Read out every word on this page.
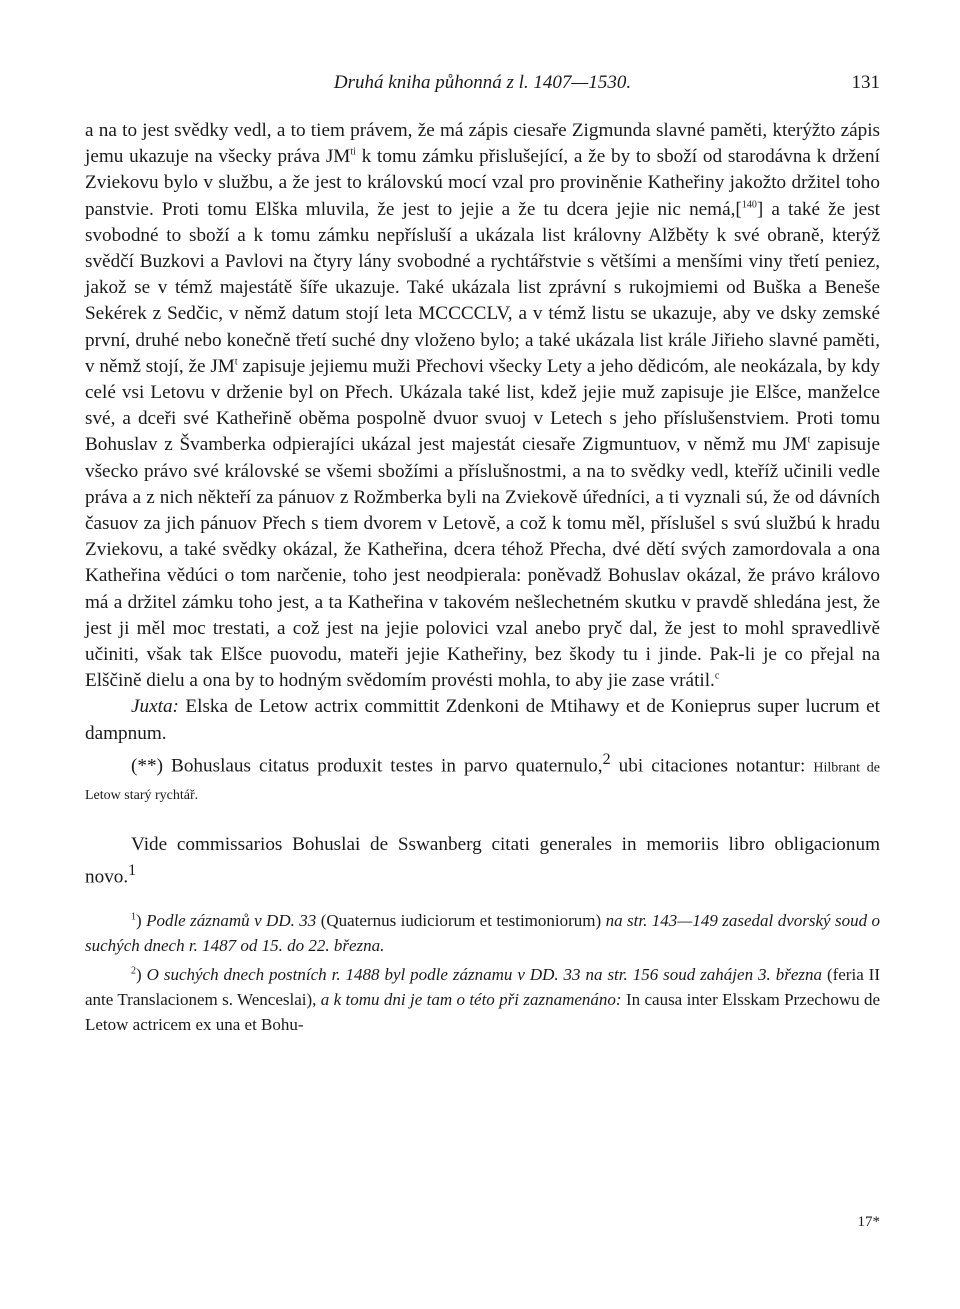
Druhá kniha půhonná z l. 1407—1530.	131

a na to jest svědky vedl, a to tiem právem, že má zápis ciesaře Zigmunda slavné paměti, kterýžto zápis jemu ukazuje na všecky práva $JM^{ti}$ k tomu zámku přislušející, a že by to sboží od starodávna k držení Zviekovu bylo v službu, a že jest to královskú mocí vzal pro proviněnie Katheřiny jakožto držitel toho panstvie. Proti tomu Elška mluvila, že jest to jejie a že tu dcera jejie nic nemá,[$^{140}$] a také že jest svobodné to sboží a k tomu zámku nepřísluší a ukázala list královny Alžběty k své obraně, kterýž svědčí Buzkovi a Pavlovi na čtyry lány svobodné a rychtářstvie s většími a menšími viny třetí peniez, jakož se v témž majestátě šíře ukazuje. Také ukázala list zprávní s rukojmiemi od Buška a Beneše Sekérek z Sedčic, v němž datum stojí leta MCCCCLV, a v témž listu se ukazuje, aby ve dsky zemské první, druhé nebo konečně třetí suché dny vloženo bylo; a také ukázala list krále Jiřieho slavné paměti, v němž stojí, že $JM^t$ zapisuje jejiemu muži Přechovi všecky Lety a jeho dědicóm, ale neokázala, by kdy celé vsi Letovu v drženie byl on Přech. Ukázala také list, kdež jejie muž zapisuje jie Elšce, manželce své, a dceři své Katheřině oběma pospolně dvuor svuoj v Letech s jeho příslušenstviem. Proti tomu Bohuslav z Švamberka odpierajíci ukázal jest majestát ciesaře Zigmuntuov, v němž mu $JM^t$ zapisuje všecko právo své královské se všemi sbožími a příslušnostmi, a na to svědky vedl, kteříž učinili vedle práva a z nich někteří za pánuov z Rožmberka byli na Zviekově úředníci, a ti vyznali sú, že od dávních časuov za jich pánuov Přech s tiem dvorem v Letově, a což k tomu měl, příslušel s svú službú k hradu Zviekovu, a také svědky okázal, že Katheřina, dcera téhož Přecha, dvé dětí svých zamordovala a ona Katheřina vědúci o tom narčenie, toho jest neodpierala: poněvadž Bohuslav okázal, že právo královo má a držitel zámku toho jest, a ta Katheřina v takovém nešlechetném skutku v pravdě shledána jest, že jest ji měl moc trestati, a což jest na jejie polovici vzal anebo pryč dal, že jest to mohl spravedlivě učiniti, však tak Elšce puovodu, mateři jejie Katheřiny, bez škody tu i jinde. Pak-li je co přejal na Elščině dielu a ona by to hodným svědomím provésti mohla, to aby jie zase vrátil.$^c$

Juxta: Elska de Letow actrix committit Zdenkoni de Mtihawy et de Konieprus super lucrum et dampnum.

(**) Bohuslaus citatus produxit testes in parvo quaternulo,$^2$ ubi citaciones notantur: Hilbrant de Letow starý rychtář.

Vide commissarios Bohuslai de Sswanberg citati generales in memoriis libro obligacionum novo.$^1$

$^1$) Podle záznamů v DD. 33 (Quaternus iudiciorum et testimoniorum) na str. 143—149 zasedal dvorský soud o suchých dnech r. 1487 od 15. do 22. března.

$^2$) O suchých dnech postních r. 1488 byl podle záznamu v DD. 33 na str. 156 soud zahájen 3. března (feria II ante Translacionem s. Wenceslai), a k tomu dni je tam o této při zaznamenáno: In causa inter Elsskam Przechowu de Letow actricem ex una et Bohu-

17*
